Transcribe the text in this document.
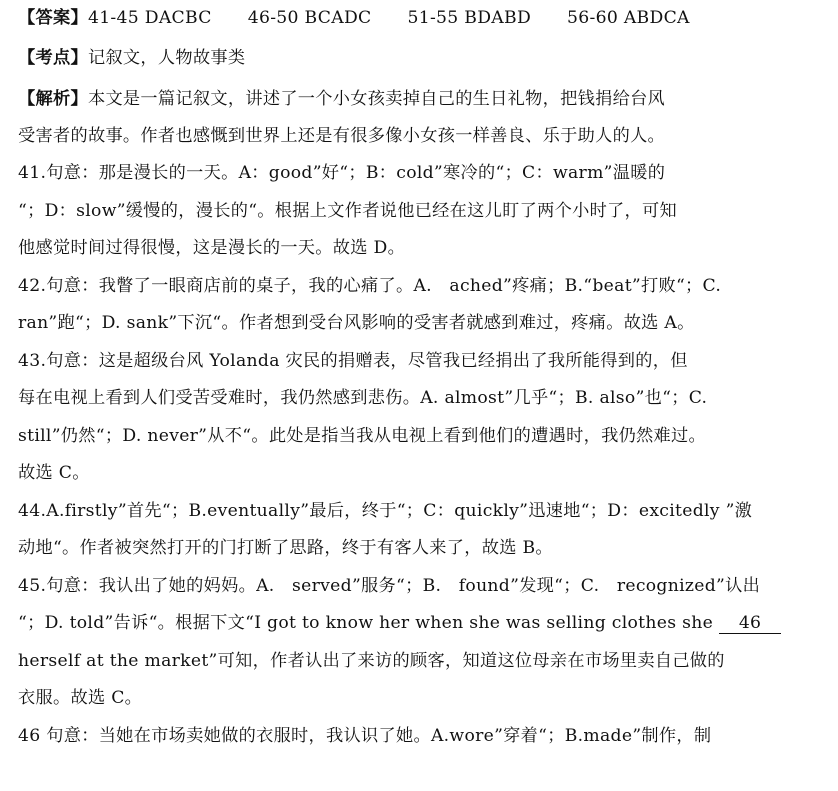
【答案】41-45 DACBC 46-50 BCADC 51-55 BDABD 56-60 ABDCA
【考点】记叙文，人物故事类
【解析】本文是一篇记叙文，讲述了一个小女孩卖掉自己的生日礼物，把钱捐给台风
受害者的故事。作者也感慨到世界上还是有很多像小女孩一样善良、乐于助人的人。
41.句意：那是漫长的一天。A：good”好“；B：cold”寒冷的“；C：warm”温暖的
“；D：slow”缓慢的，漫长的“。根据上文作者说他已经在这儿盯了两个小时了，可知
他感觉时间过得很慢，这是漫长的一天。故选 D。
42.句意：我瞥了一眼商店前的桌子，我的心痛了。A.　ached”疼痛；B.“beat”打败“；C.
ran”跑“；D. sank”下沉“。作者想到受台风影响的受害者就感到难过，疼痛。故选 A。
43.句意：这是超级台风 Yolanda 灾民的捐赠表，尽管我已经捐出了我所能得到的，但
每在电视上看到人们受苦受难时，我仍然感到悲伤。A. almost”几乎“；B. also”也“；C.
still”仍然“；D. never”从不“。此处是指当我从电视上看到他们的遭遇时，我仍然难过。
故选 C。
44.A.firstly”首先“；B.eventually”最后，终于“；C：quickly”迅速地“；D：excitedly ”激
动地“。作者被突然打开的门打断了思路，终于有客人来了，故选 B。
45.句意：我认出了她的妈妈。A.　served”服务“；B.　found”发现“；C.　recognized”认出
“；D. told”告诉“。根据下文“I got to know her when she was selling clothes she 46
herself at the market”可知，作者认出了来访的顾客，知道这位母亲在市场里卖自己做的
衣服。故选 C。
46 句意：当她在市场卖她做的衣服时，我认识了她。A.wore”穿着“；B.made”制作，制
